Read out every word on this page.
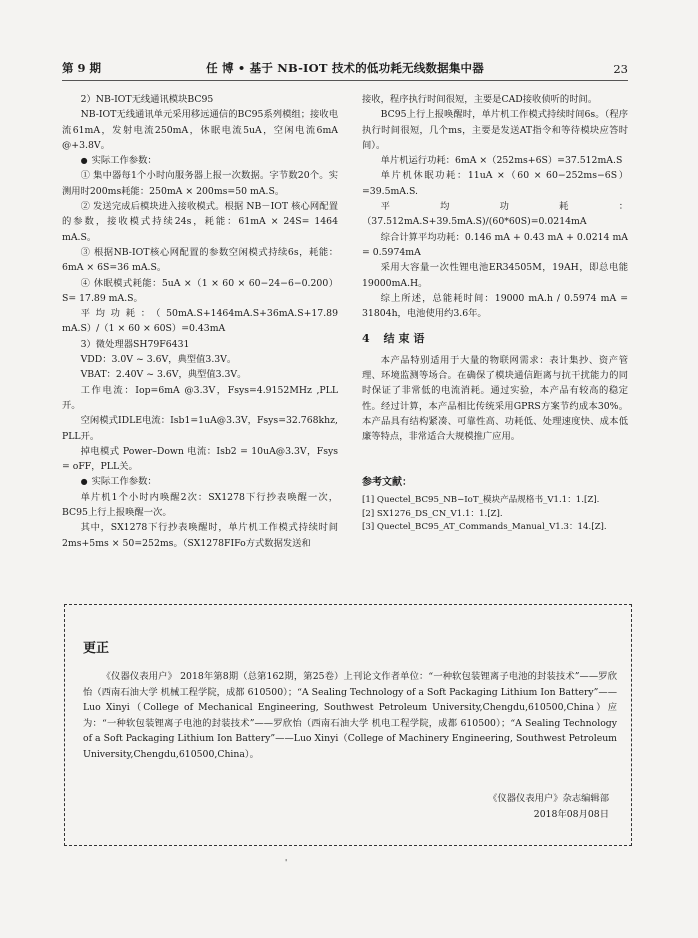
第 9 期	任 博 • 基于 NB-IOT 技术的低功耗无线数据集中器	23

2）NB-IOT无线通讯模块BC95

NB-IOT无线通讯单元采用移远通信的BC95系列模组；接收电流61mA，发射电流250mA，休眠电流5uA，空闲电流6mA @+3.8V。

● 实际工作参数：

① 集中器每1个小时向服务器上报一次数据。字节数20个。实测用时200ms耗能：250mA × 200ms=50 mA.S。

② 发送完成后模块进入接收模式。根据 NB－IOT 核心网配置的参数，接收模式持续24s，耗能：61mA × 24S= 1464 mA.S。

③ 根据NB-IOT核心网配置的参数空闲模式持续6s，耗能：6mA × 6S=36 mA.S。

④ 休眠模式耗能：5uA ×（1 × 60 × 60−24−6−0.200）S= 17.89 mA.S。

平均功耗：（50mA.S+1464mA.S+36mA.S+17.89 mA.S）/（1 × 60 × 60S）=0.43mA

3）微处理器SH79F6431

VDD：3.0V ~ 3.6V，典型值3.3V。

VBAT：2.40V ~ 3.6V，典型值3.3V。

工作电流：Iop=6mA @3.3V，Fsys=4.9152MHz ,PLL开。

空闲模式IDLE电流：Isb1=1uA@3.3V，Fsys=32.768khz, PLL开。

掉电模式 Power–Down 电流：Isb2 = 10uA@3.3V，Fsys = oFF，PLL关。

● 实际工作参数：

单片机1个小时内唤醒2次：SX1278下行抄表唤醒一次，BC95上行上报唤醒一次。

其中，SX1278下行抄表唤醒时，单片机工作模式持续时间2ms+5ms × 50=252ms。（SX1278FIFo方式数据发送和

接收，程序执行时间很短，主要是CAD接收侦听的时间。

BC95上行上报唤醒时，单片机工作模式持续时间6s。（程序执行时间很短，几个ms，主要是发送AT指令和等待模块应答时间）。

单片机运行功耗：6mA ×（252ms+6S）=37.512mA.S

单片机休眠功耗：11uA ×（60 × 60−252ms−6S）=39.5mA.S.

平均功耗：（37.512mA.S+39.5mA.S)/(60*60S)=0.0214mA

综合计算平均功耗：0.146 mA + 0.43 mA + 0.0214 mA = 0.5974mA

采用大容量一次性锂电池ER34505M，19AH，即总电能19000mA.H。

综上所述，总能耗时间：19000 mA.h / 0.5974 mA = 31804h，电池使用约3.6年。

4 结 束 语

本产品特别适用于大量的物联网需求：表计集抄、资产管理、环境监测等场合。在确保了模块通信距离与抗干扰能力的同时保证了非常低的电流消耗。通过实验，本产品有较高的稳定性。经过计算，本产品相比传统采用GPRS方案节约成本30%。本产品具有结构紧凑、可靠性高、功耗低、处理速度快、成本低廉等特点，非常适合大规模推广应用。

参考文献：
[1] Quectel_BC95_NB−IoT_模块产品规格书_V1.1：1.[Z].
[2] SX1276_DS_CN_V1.1：1.[Z].
[3] Quectel_BC95_AT_Commands_Manual_V1.3：14.[Z].
更正

《仪器仪表用户》 2018年第8期（总第162期，第25卷）上刊论文作者单位：“一种软包装锂离子电池的封装技术”——罗欣怡（西南石油大学 机械工程学院，成都 610500）；“A Sealing Technology of a Soft Packaging Lithium Ion Battery”——Luo Xinyi（College of Mechanical Engineering, Southwest Petroleum University,Chengdu,610500,China）应为：“一种软包装锂离子电池的封装技术”——罗欣怡（西南石油大学 机电工程学院，成都 610500）；“A Sealing Technology of a Soft Packaging Lithium Ion Battery”——Luo Xinyi（College of Machinery Engineering, Southwest Petroleum University,Chengdu,610500,China）。

《仪器仪表用户》杂志编辑部
2018年08月08日
'
